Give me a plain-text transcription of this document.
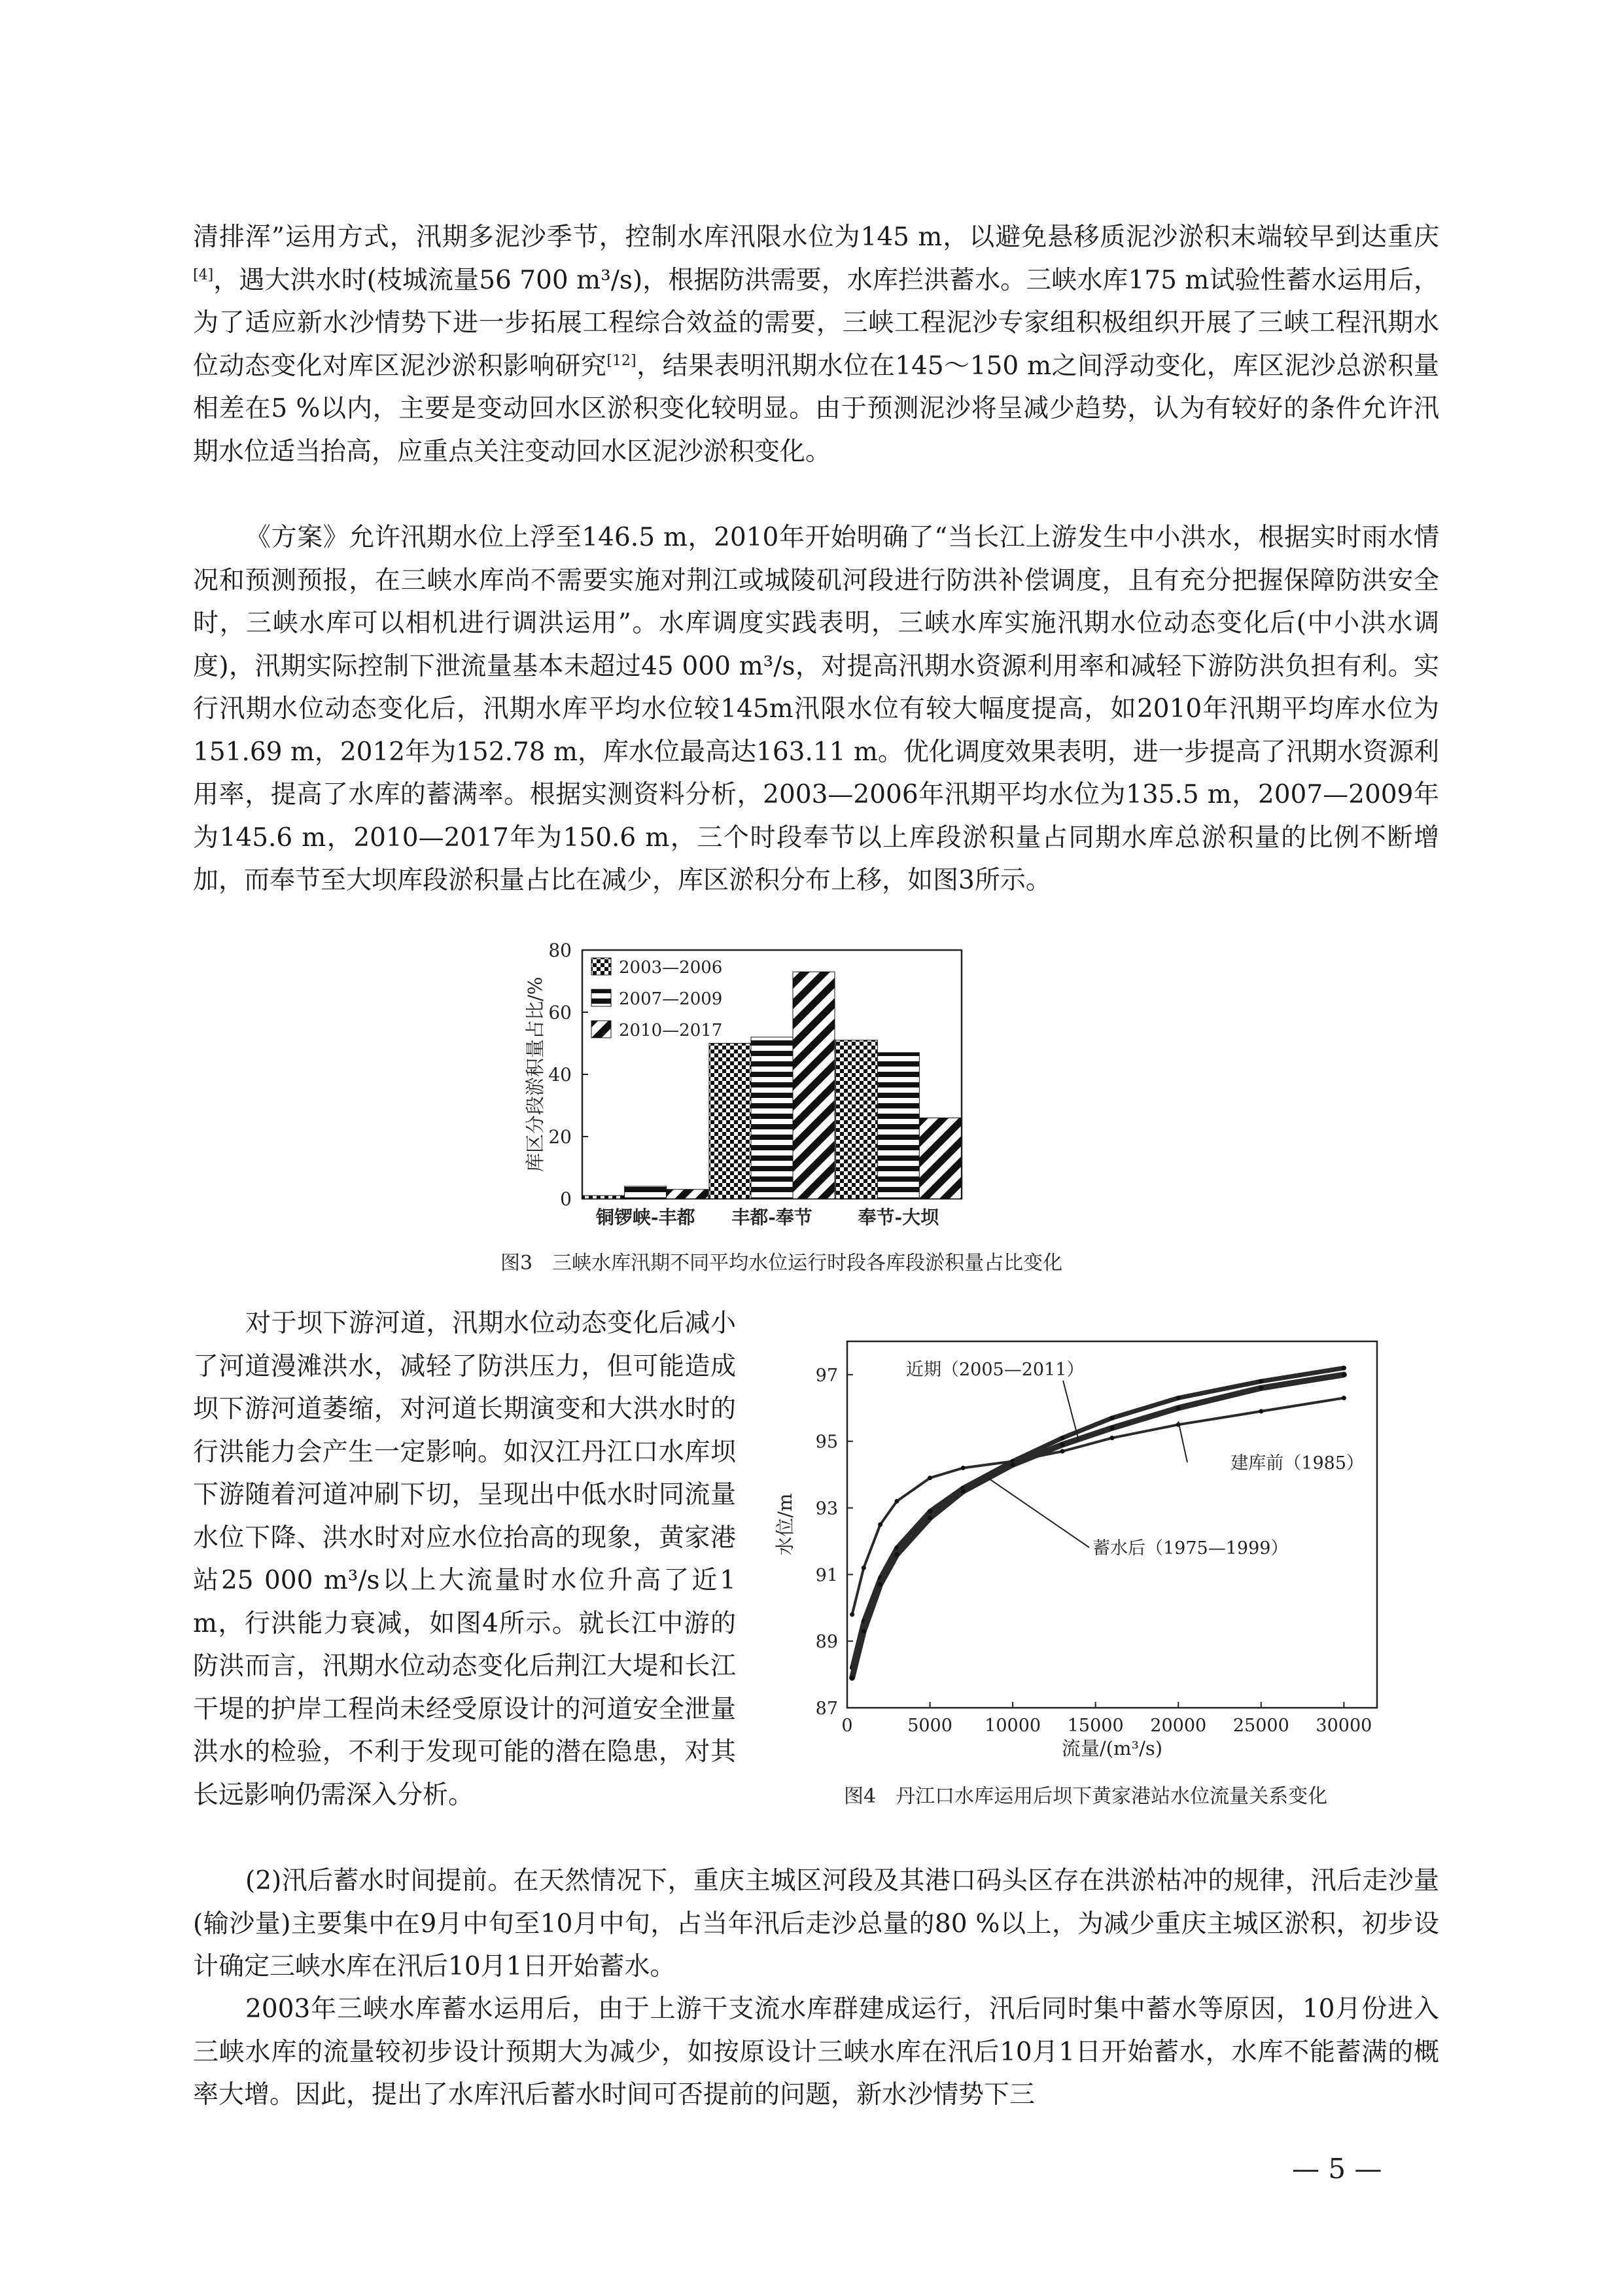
清排浑”运用方式，汛期多泥沙季节，控制水库汛限水位为145 m，以避免悬移质泥沙淤积末端较早到达重庆[4]，遇大洪水时(枝城流量56 700 m³/s)，根据防洪需要，水库拦洪蓄水。三峡水库175 m试验性蓄水运用后，为了适应新水沙情势下进一步拓展工程综合效益的需要，三峡工程泥沙专家组积极组织开展了三峡工程汛期水位动态变化对库区泥沙淤积影响研究[12]，结果表明汛期水位在145～150 m之间浮动变化，库区泥沙总淤积量相差在5 %以内，主要是变动回水区淤积变化较明显。由于预测泥沙将呈减少趋势，认为有较好的条件允许汛期水位适当抬高，应重点关注变动回水区泥沙淤积变化。

《方案》允许汛期水位上浮至146.5 m，2010年开始明确了“当长江上游发生中小洪水，根据实时雨水情况和预测预报，在三峡水库尚不需要实施对荆江或城陵矶河段进行防洪补偿调度，且有充分把握保障防洪安全时，三峡水库可以相机进行调洪运用”。水库调度实践表明，三峡水库实施汛期水位动态变化后(中小洪水调度)，汛期实际控制下泄流量基本未超过45 000 m³/s，对提高汛期水资源利用率和减轻下游防洪负担有利。实行汛期水位动态变化后，汛期水库平均水位较145m汛限水位有较大幅度提高，如2010年汛期平均库水位为151.69 m，2012年为152.78 m，库水位最高达163.11 m。优化调度效果表明，进一步提高了汛期水资源利用率，提高了水库的蓄满率。根据实测资料分析，2003—2006年汛期平均水位为135.5 m，2007—2009年为145.6 m，2010—2017年为150.6 m，三个时段奉节以上库段淤积量占同期水库总淤积量的比例不断增加，而奉节至大坝库段淤积量占比在减少，库区淤积分布上移，如图3所示。

0
20
40
60
80
库区分段淤积量占比/%
铜锣峡-丰都 丰都-奉节 奉节-大坝
2003—2006
2007—2009
2010—2017
图3　三峡水库汛期不同平均水位运行时段各库段淤积量占比变化

对于坝下游河道，汛期水位动态变化后减小了河道漫滩洪水，减轻了防洪压力，但可能造成坝下游河道萎缩，对河道长期演变和大洪水时的行洪能力会产生一定影响。如汉江丹江口水库坝下游随着河道冲刷下切，呈现出中低水时同流量水位下降、洪水时对应水位抬高的现象，黄家港站25 000 m³/s以上大流量时水位升高了近1 m，行洪能力衰减，如图4所示。就长江中游的防洪而言，汛期水位动态变化后荆江大堤和长江干堤的护岸工程尚未经受原设计的河道安全泄量洪水的检验，不利于发现可能的潜在隐患，对其长远影响仍需深入分析。

87
89
91
93
95
97
0	5000 10000 15000 20000 25000 30000
水位/m
流量/(m³/s)
近期（2005—2011）
建库前（1985）
蓄水后（1975—1999）
图4　丹江口水库运用后坝下黄家港站水位流量关系变化

(2)汛后蓄水时间提前。在天然情况下，重庆主城区河段及其港口码头区存在洪淤枯冲的规律，汛后走沙量(输沙量)主要集中在9月中旬至10月中旬，占当年汛后走沙总量的80 %以上，为减少重庆主城区淤积，初步设计确定三峡水库在汛后10月1日开始蓄水。

2003年三峡水库蓄水运用后，由于上游干支流水库群建成运行，汛后同时集中蓄水等原因，10月份进入三峡水库的流量较初步设计预期大为减少，如按原设计三峡水库在汛后10月1日开始蓄水，水库不能蓄满的概率大增。因此，提出了水库汛后蓄水时间可否提前的问题，新水沙情势下三

— 5 —
